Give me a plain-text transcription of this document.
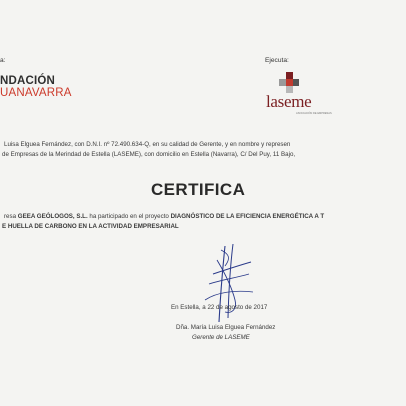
a:
NDACIÓN
UANAVARRA
Ejecuta:
laseme
ASOCIACIÓN DE EMPRESAS
Luisa Elguea Fernández, con D.N.I. nº 72.490.634-Q, en su calidad de Gerente, y en nombre y represen
de Empresas de la Merindad de Estella (LASEME), con domicilio en Estella (Navarra), C/ Del Puy, 11 Bajo,
CERTIFICA
resa GEEA GEÓLOGOS, S.L. ha participado en el proyecto DIAGNÓSTICO DE LA EFICIENCIA ENERGÉTICA A T
E HUELLA DE CARBONO EN LA ACTIVIDAD EMPRESARIAL
En Estella, a 22 de agosto de 2017
Dña. María Luisa Elguea Fernández
Gerente de LASEME
